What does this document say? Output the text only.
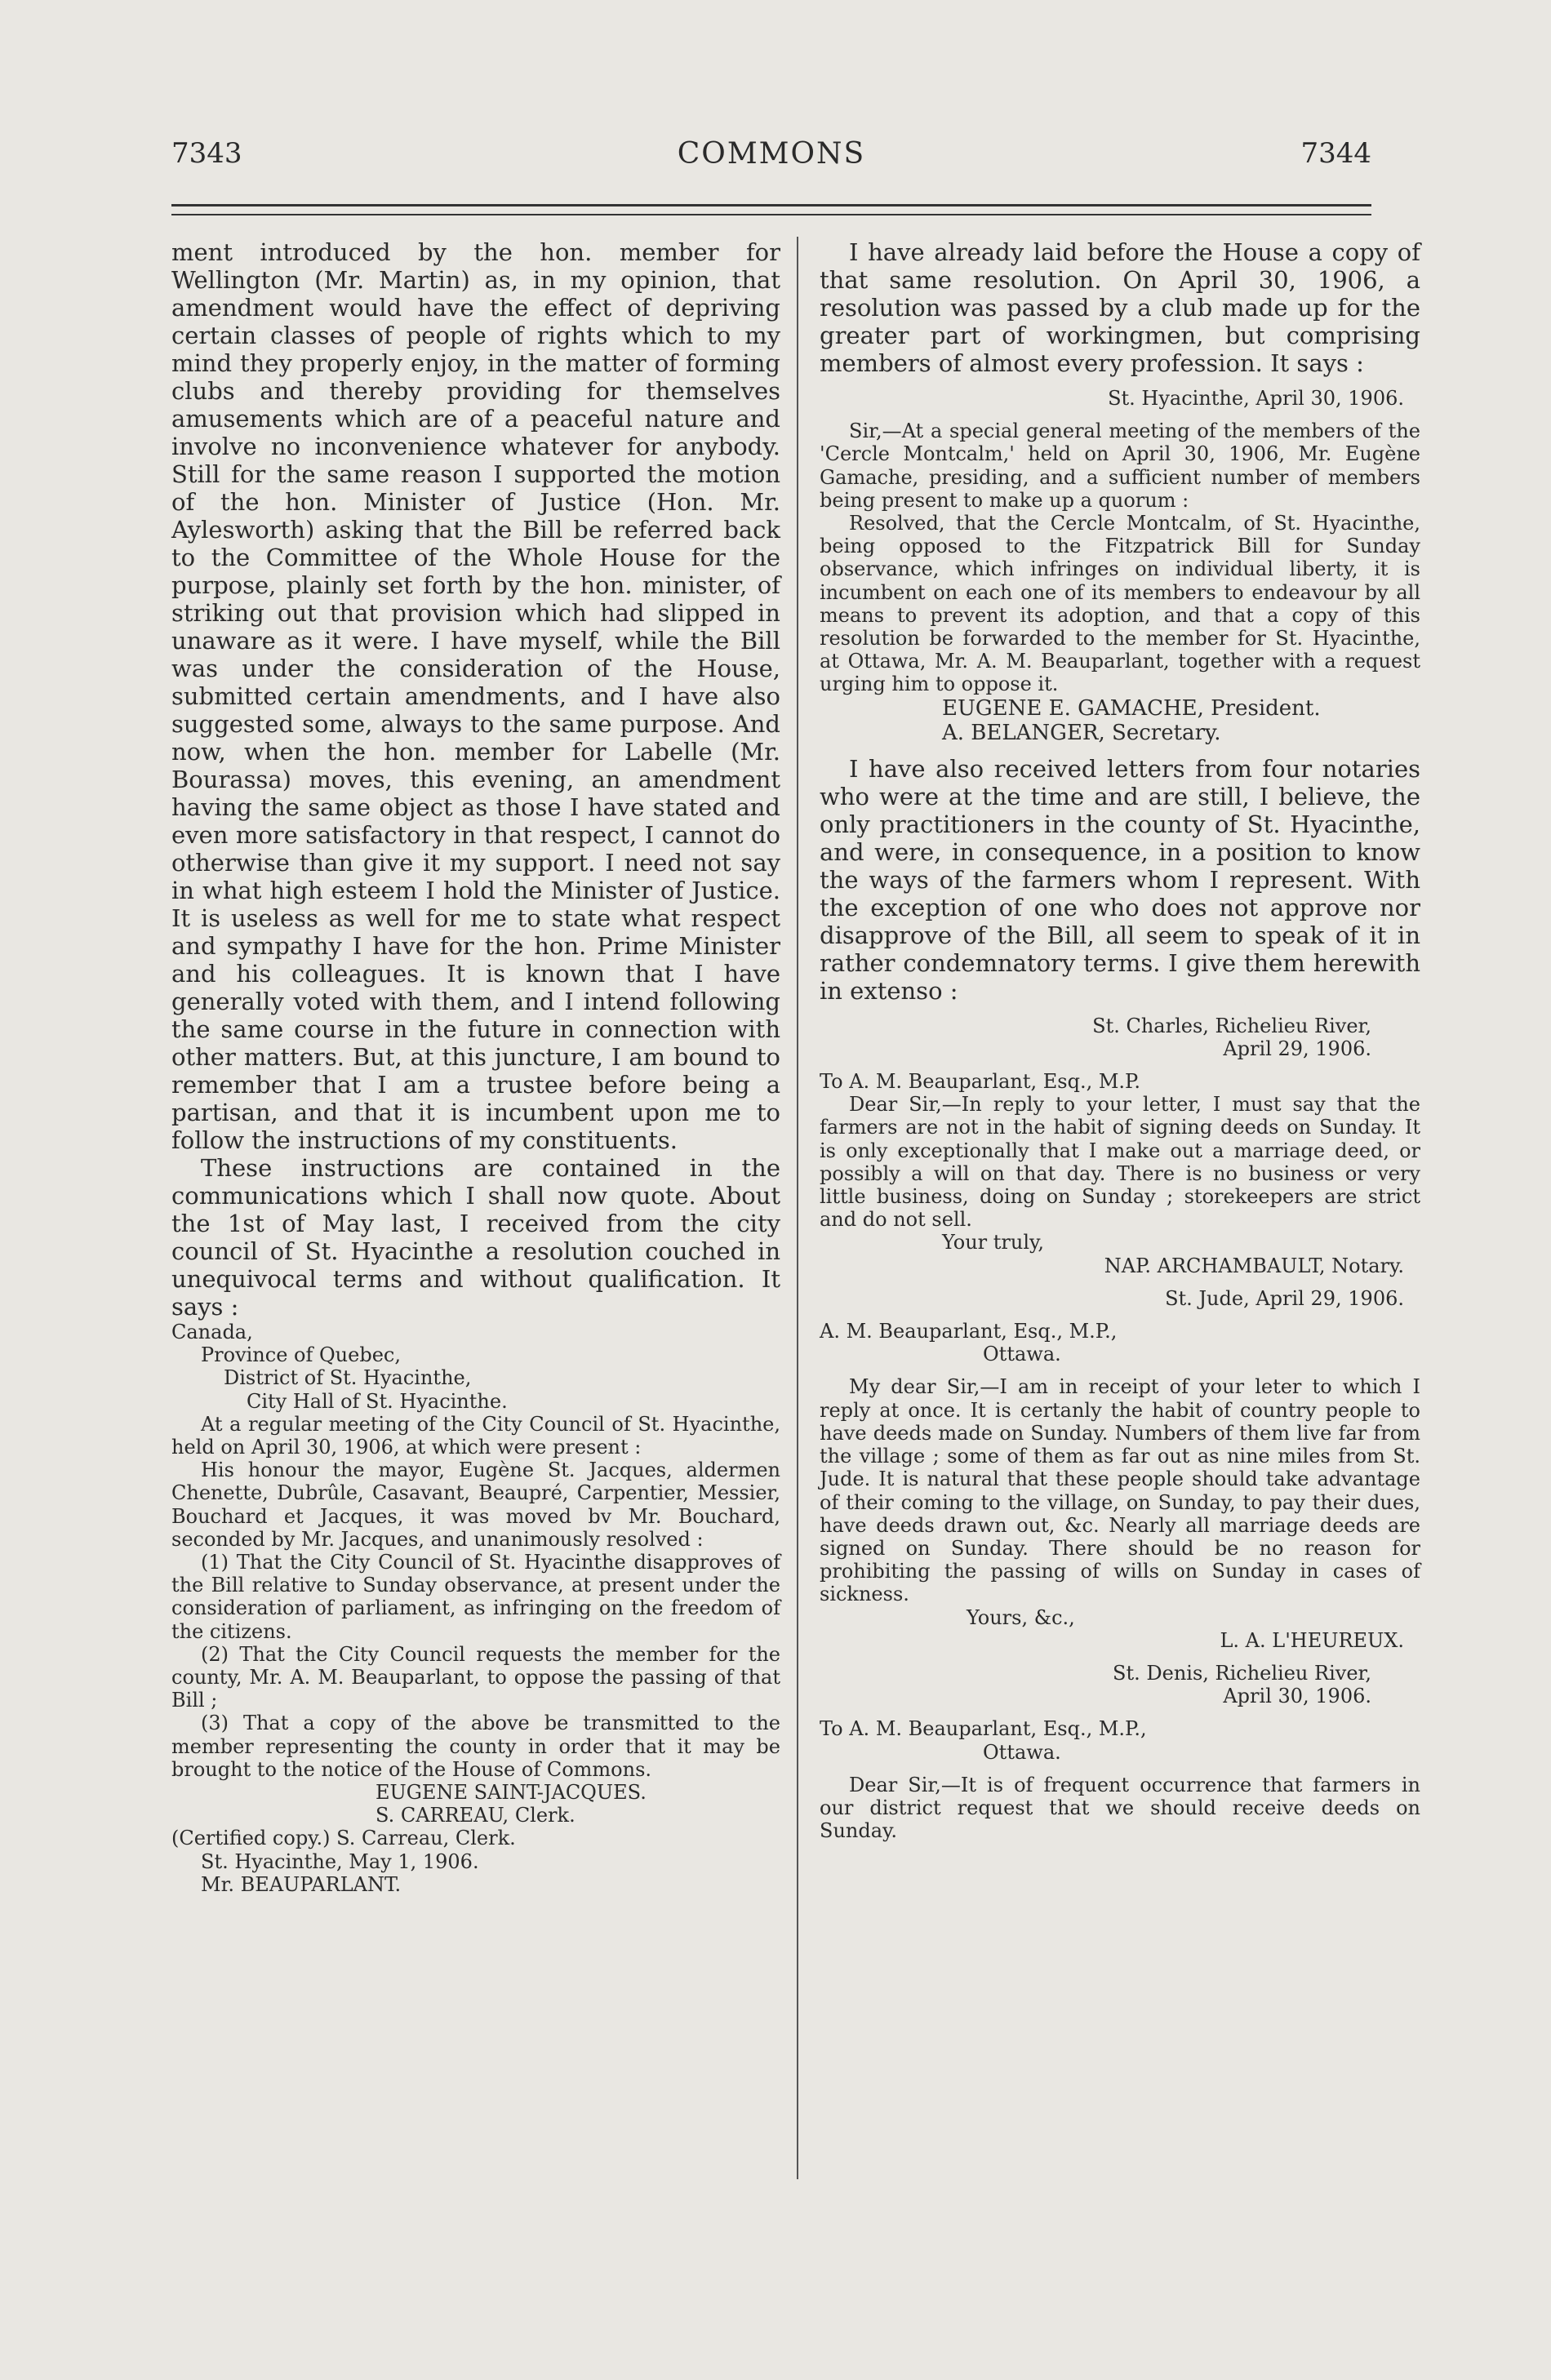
7343	COMMONS	7344

ment introduced by the hon. member for Wellington (Mr. Martin) as, in my opinion, that amendment would have the effect of depriving certain classes of people of rights which to my mind they properly enjoy, in the matter of forming clubs and thereby providing for themselves amusements which are of a peaceful nature and involve no inconvenience whatever for anybody. Still for the same reason I supported the motion of the hon. Minister of Justice (Hon. Mr. Aylesworth) asking that the Bill be referred back to the Committee of the Whole House for the purpose, plainly set forth by the hon. minister, of striking out that provision which had slipped in unaware as it were. I have myself, while the Bill was under the consideration of the House, submitted certain amendments, and I have also suggested some, always to the same purpose. And now, when the hon. member for Labelle (Mr. Bourassa) moves, this evening, an amendment having the same object as those I have stated and even more satisfactory in that respect, I cannot do otherwise than give it my support. I need not say in what high esteem I hold the Minister of Justice. It is useless as well for me to state what respect and sympathy I have for the hon. Prime Minister and his colleagues. It is known that I have generally voted with them, and I intend following the same course in the future in connection with other matters. But, at this juncture, I am bound to remember that I am a trustee before being a partisan, and that it is incumbent upon me to follow the instructions of my constituents.

These instructions are contained in the communications which I shall now quote. About the 1st of May last, I received from the city council of St. Hyacinthe a resolution couched in unequivocal terms and without qualification. It says :

Canada,

Province of Quebec,

District of St. Hyacinthe,

City Hall of St. Hyacinthe.

At a regular meeting of the City Council of St. Hyacinthe, held on April 30, 1906, at which were present :

His honour the mayor, Eugène St. Jacques, aldermen Chenette, Dubrûle, Casavant, Beaupré, Carpentier, Messier, Bouchard et Jacques, it was moved bv Mr. Bouchard, seconded by Mr. Jacques, and unanimously resolved :

(1) That the City Council of St. Hyacinthe disapproves of the Bill relative to Sunday observance, at present under the consideration of parliament, as infringing on the freedom of the citizens.

(2) That the City Council requests the member for the county, Mr. A. M. Beauparlant, to oppose the passing of that Bill ;

(3) That a copy of the above be transmitted to the member representing the county in order that it may be brought to the notice of the House of Commons.

EUGENE SAINT-JACQUES.

S. CARREAU, Clerk.

(Certified copy.) S. Carreau, Clerk.

St. Hyacinthe, May 1, 1906.

Mr. BEAUPARLANT.

I have already laid before the House a copy of that same resolution. On April 30, 1906, a resolution was passed by a club made up for the greater part of workingmen, but comprising members of almost every profession. It says :

St. Hyacinthe, April 30, 1906.

Sir,—At a special general meeting of the members of the 'Cercle Montcalm,' held on April 30, 1906, Mr. Eugène Gamache, presiding, and a sufficient number of members being present to make up a quorum :

Resolved, that the Cercle Montcalm, of St. Hyacinthe, being opposed to the Fitzpatrick Bill for Sunday observance, which infringes on individual liberty, it is incumbent on each one of its members to endeavour by all means to prevent its adoption, and that a copy of this resolution be forwarded to the member for St. Hyacinthe, at Ottawa, Mr. A. M. Beauparlant, together with a request urging him to oppose it.

EUGENE E. GAMACHE, President.

A. BELANGER, Secretary.

I have also received letters from four notaries who were at the time and are still, I believe, the only practitioners in the county of St. Hyacinthe, and were, in consequence, in a position to know the ways of the farmers whom I represent. With the exception of one who does not approve nor disapprove of the Bill, all seem to speak of it in rather condemnatory terms. I give them herewith in extenso :

St. Charles, Richelieu River,

April 29, 1906.

To A. M. Beauparlant, Esq., M.P.

Dear Sir,—In reply to your letter, I must say that the farmers are not in the habit of signing deeds on Sunday. It is only exceptionally that I make out a marriage deed, or possibly a will on that day. There is no business or very little business, doing on Sunday ; storekeepers are strict and do not sell.

Your truly,

NAP. ARCHAMBAULT, Notary.

St. Jude, April 29, 1906.

A. M. Beauparlant, Esq., M.P.,

Ottawa.

My dear Sir,—I am in receipt of your leter to which I reply at once. It is certanly the habit of country people to have deeds made on Sunday. Numbers of them live far from the village ; some of them as far out as nine miles from St. Jude. It is natural that these people should take advantage of their coming to the village, on Sunday, to pay their dues, have deeds drawn out, &c. Nearly all marriage deeds are signed on Sunday. There should be no reason for prohibiting the passing of wills on Sunday in cases of sickness.

Yours, &c.,

L. A. L'HEUREUX.

St. Denis, Richelieu River,

April 30, 1906.

To A. M. Beauparlant, Esq., M.P.,

Ottawa.

Dear Sir,—It is of frequent occurrence that farmers in our district request that we should receive deeds on Sunday.
